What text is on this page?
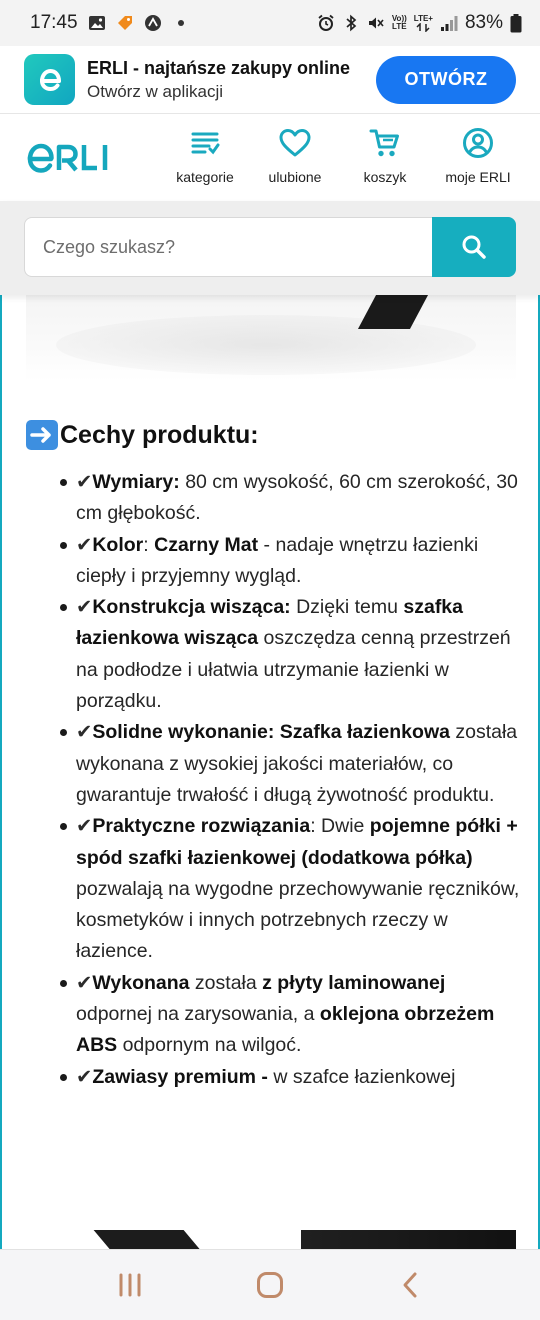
17:45	Vo))
LTE
LTE+ 83%
ERLI - najtańsze zakupy online
Otwórz w aplikacji
OTWÓRZ
kategorie ulubione	koszyk	moje ERLI
Czego szukasz?
Cechy produktu:
✔Wymiary: 80 cm wysokość, 60 cm szerokość, 30 cm głębokość.
✔Kolor: Czarny Mat - nadaje wnętrzu łazienki ciepły i przyjemny wygląd.
✔Konstrukcja wisząca: Dzięki temu szafka łazienkowa wisząca oszczędza cenną przestrzeń na podłodze i ułatwia utrzymanie łazienki w porządku.
✔Solidne wykonanie: Szafka łazienkowa została wykonana z wysokiej jakości materiałów, co gwarantuje trwałość i długą żywotność produktu.
✔Praktyczne rozwiązania: Dwie pojemne półki + spód szafki łazienkowej (dodatkowa półka) pozwalają na wygodne przechowywanie ręczników, kosmetyków i innych potrzebnych rzeczy w łazience.
✔Wykonana została z płyty laminowanej odpornej na zarysowania, a oklejona obrzeżem ABS odpornym na wilgoć.
✔Zawiasy premium - w szafce łazienkowej
